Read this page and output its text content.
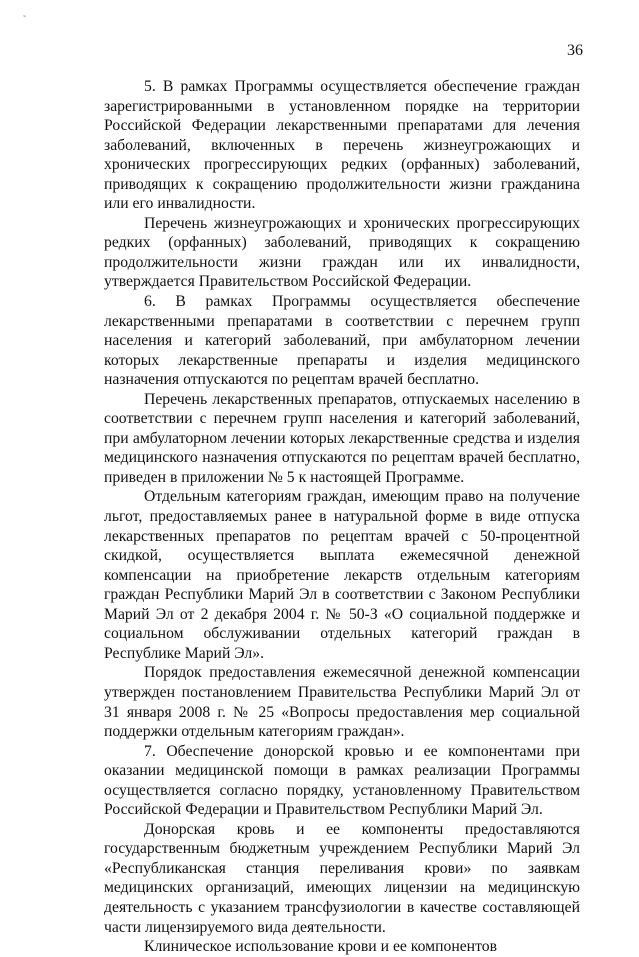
˜
36

5. В рамках Программы осуществляется обеспечение граждан зарегистрированными в установленном порядке на территории Российской Федерации лекарственными препаратами для лечения заболеваний, включенных в перечень жизнеугрожающих и хронических прогрессирующих редких (орфанных) заболеваний, приводящих к сокращению продолжительности жизни гражданина или его инвалидности.

Перечень жизнеугрожающих и хронических прогрессирующих редких (орфанных) заболеваний, приводящих к сокращению продолжительности жизни граждан или их инвалидности, утверждается Правительством Российской Федерации.

6. В рамках Программы осуществляется обеспечение лекарственными препаратами в соответствии с перечнем групп населения и категорий заболеваний, при амбулаторном лечении которых лекарственные препараты и изделия медицинского назначения отпускаются по рецептам врачей бесплатно.

Перечень лекарственных препаратов, отпускаемых населению в соответствии с перечнем групп населения и категорий заболеваний, при амбулаторном лечении которых лекарственные средства и изделия медицинского назначения отпускаются по рецептам врачей бесплатно, приведен в приложении № 5 к настоящей Программе.

Отдельным категориям граждан, имеющим право на получение льгот, предоставляемых ранее в натуральной форме в виде отпуска лекарственных препаратов по рецептам врачей с 50-процентной скидкой, осуществляется выплата ежемесячной денежной компенсации на приобретение лекарств отдельным категориям граждан Республики Марий Эл в соответствии с Законом Республики Марий Эл от 2 декабря 2004 г. № 50-З «О социальной поддержке и социальном обслуживании отдельных категорий граждан в Республике Марий Эл».

Порядок предоставления ежемесячной денежной компенсации утвержден постановлением Правительства Республики Марий Эл от 31 января 2008 г. № 25 «Вопросы предоставления мер социальной поддержки отдельным категориям граждан».

7. Обеспечение донорской кровью и ее компонентами при оказании медицинской помощи в рамках реализации Программы осуществляется согласно порядку, установленному Правительством Российской Федерации и Правительством Республики Марий Эл.

Донорская кровь и ее компоненты предоставляются государственным бюджетным учреждением Республики Марий Эл «Республиканская станция переливания крови» по заявкам медицинских организаций, имеющих лицензии на медицинскую деятельность с указанием трансфузиологии в качестве составляющей части лицензируемого вида деятельности.

Клиническое использование крови и ее компонентов
